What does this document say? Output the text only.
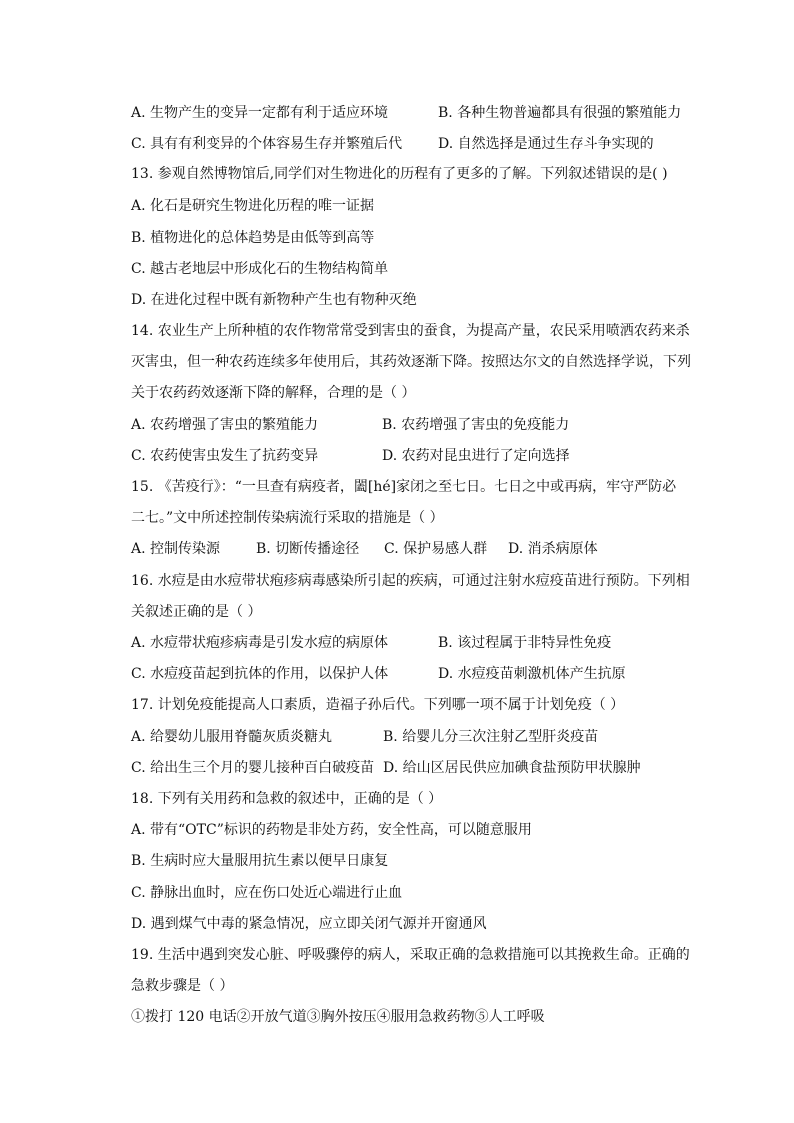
A. 生物产生的变异一定都有利于适应环境	B. 各种生物普遍都具有很强的繁殖能力
C. 具有有利变异的个体容易生存并繁殖后代	D. 自然选择是通过生存斗争实现的
13. 参观自然博物馆后,同学们对生物进化的历程有了更多的了解。下列叙述错误的是( )
A. 化石是研究生物进化历程的唯一证据
B. 植物进化的总体趋势是由低等到高等
C. 越古老地层中形成化石的生物结构简单
D. 在进化过程中既有新物种产生也有物种灭绝
14. 农业生产上所种植的农作物常常受到害虫的蚕食，为提高产量，农民采用喷洒农药来杀
灭害虫，但一种农药连续多年使用后，其药效逐渐下降。按照达尔文的自然选择学说，下列
关于农药药效逐渐下降的解释，合理的是（ ）
A. 农药增强了害虫的繁殖能力	B. 农药增强了害虫的免疫能力
C. 农药使害虫发生了抗药变异	D. 农药对昆虫进行了定向选择
15. 《苦疫行》：“一旦查有病疫者，闔[hé]家闭之至七日。七日之中或再病，牢守严防必
二七。”文中所述控制传染病流行采取的措施是（ ）
A. 控制传染源	B. 切断传播途径 C. 保护易感人群 D. 消杀病原体
16. 水痘是由水痘带状疱疹病毒感染所引起的疾病，可通过注射水痘疫苗进行预防。下列相
关叙述正确的是（ ）
A. 水痘带状疱疹病毒是引发水痘的病原体	B. 该过程属于非特异性免疫
C. 水痘疫苗起到抗体的作用，以保护人体	D. 水痘疫苗刺激机体产生抗原
17. 计划免疫能提高人口素质，造福子孙后代。下列哪一项不属于计划免疫（ ）
A. 给婴幼儿服用脊髓灰质炎糖丸	B. 给婴儿分三次注射乙型肝炎疫苗
C. 给出生三个月的婴儿接种百白破疫苗 D. 给山区居民供应加碘食盐预防甲状腺肿
18. 下列有关用药和急救的叙述中，正确的是（ ）
A. 带有“OTC”标识的药物是非处方药，安全性高，可以随意服用
B. 生病时应大量服用抗生素以便早日康复
C. 静脉出血时，应在伤口处近心端进行止血
D. 遇到煤气中毒的紧急情况，应立即关闭气源并开窗通风
19. 生活中遇到突发心脏、呼吸骤停的病人，采取正确的急救措施可以其挽救生命。正确的
急救步骤是（ ）
①拨打 120 电话②开放气道③胸外按压④服用急救药物⑤人工呼吸
